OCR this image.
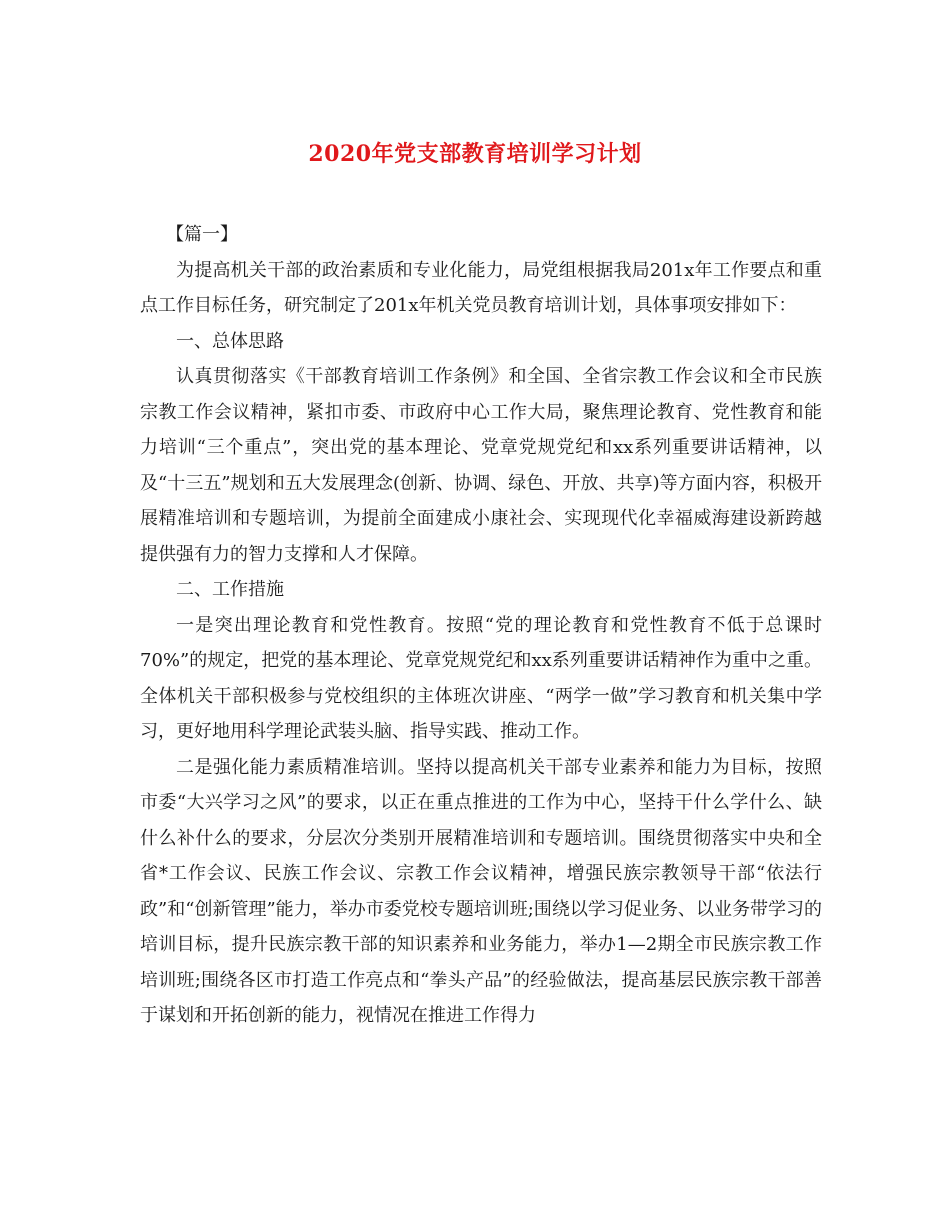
2020年党支部教育培训学习计划

【篇一】

为提高机关干部的政治素质和专业化能力，局党组根据我局201x年工作要点和重点工作目标任务，研究制定了201x年机关党员教育培训计划，具体事项安排如下：

一、总体思路

认真贯彻落实《干部教育培训工作条例》和全国、全省宗教工作会议和全市民族宗教工作会议精神，紧扣市委、市政府中心工作大局，聚焦理论教育、党性教育和能力培训“三个重点”，突出党的基本理论、党章党规党纪和xx系列重要讲话精神，以及“十三五”规划和五大发展理念(创新、协调、绿色、开放、共享)等方面内容，积极开展精准培训和专题培训，为提前全面建成小康社会、实现现代化幸福威海建设新跨越提供强有力的智力支撑和人才保障。

二、工作措施

一是突出理论教育和党性教育。按照“党的理论教育和党性教育不低于总课时70%”的规定，把党的基本理论、党章党规党纪和xx系列重要讲话精神作为重中之重。全体机关干部积极参与党校组织的主体班次讲座、“两学一做”学习教育和机关集中学习，更好地用科学理论武装头脑、指导实践、推动工作。

二是强化能力素质精准培训。坚持以提高机关干部专业素养和能力为目标，按照市委“大兴学习之风”的要求，以正在重点推进的工作为中心，坚持干什么学什么、缺什么补什么的要求，分层次分类别开展精准培训和专题培训。围绕贯彻落实中央和全省*工作会议、民族工作会议、宗教工作会议精神，增强民族宗教领导干部“依法行政”和“创新管理”能力，举办市委党校专题培训班;围绕以学习促业务、以业务带学习的培训目标，提升民族宗教干部的知识素养和业务能力，举办1—2期全市民族宗教工作培训班;围绕各区市打造工作亮点和“拳头产品”的经验做法，提高基层民族宗教干部善于谋划和开拓创新的能力，视情况在推进工作得力
